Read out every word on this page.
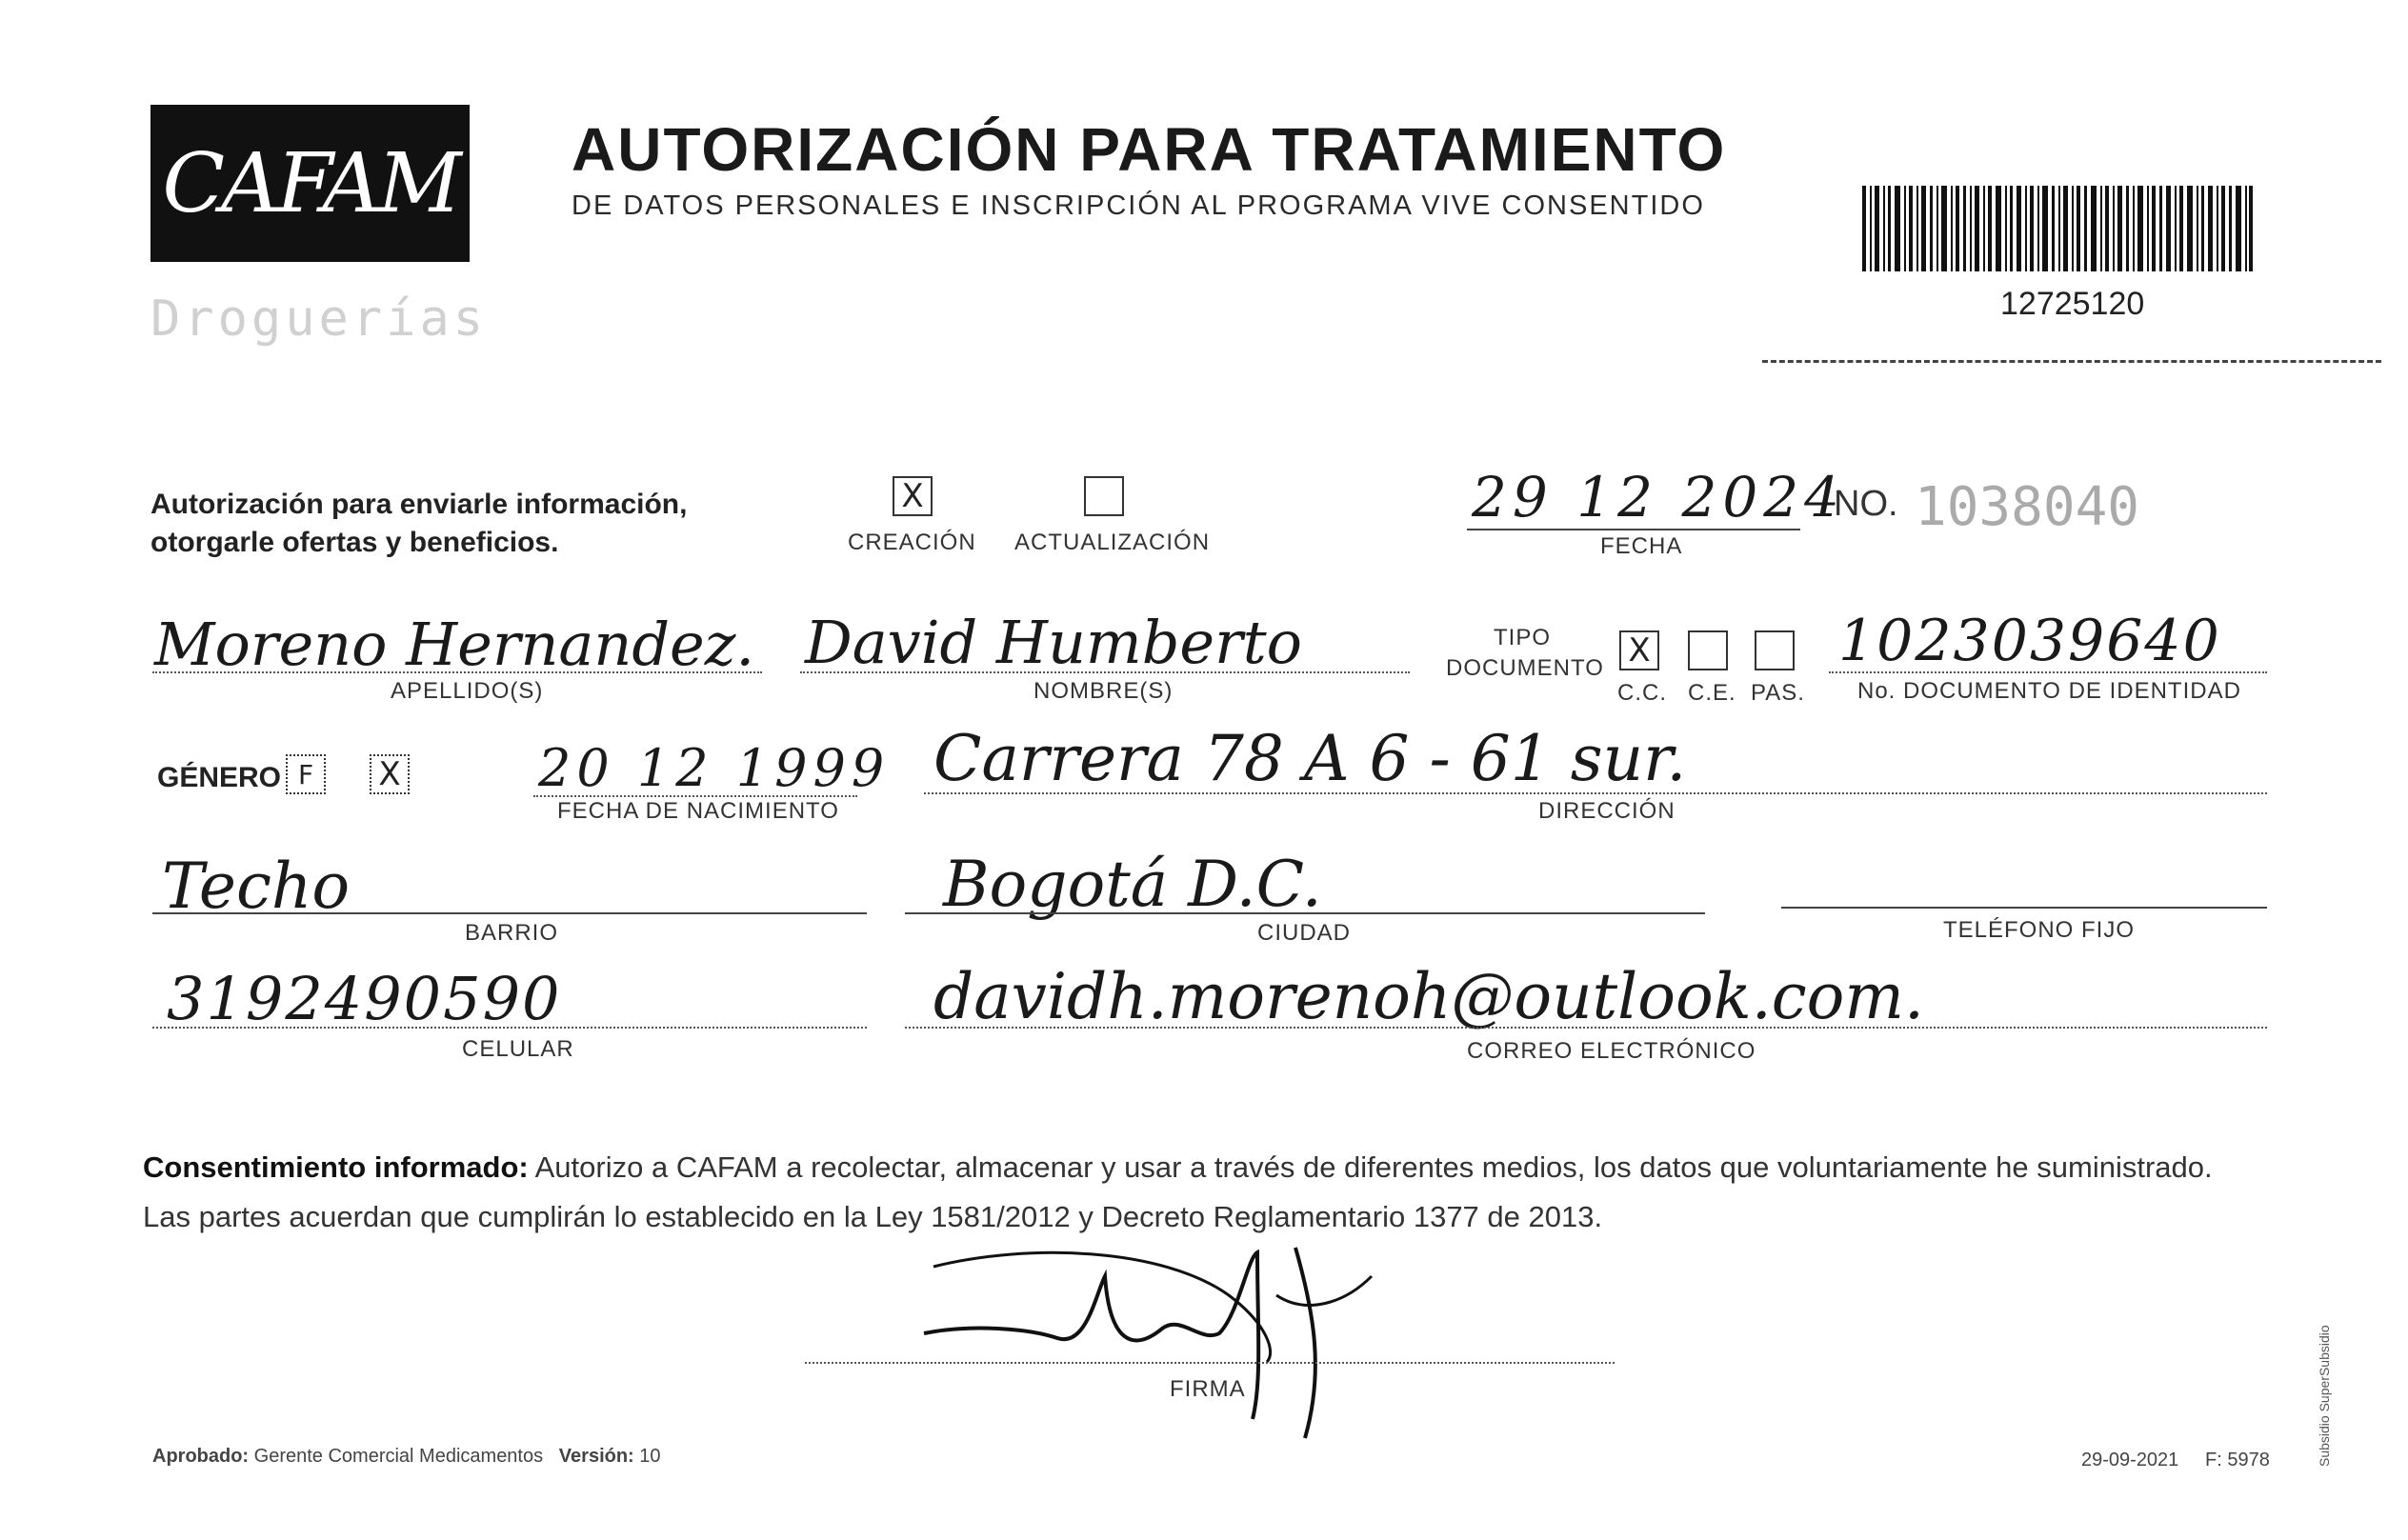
CAFAM
Droguerías
AUTORIZACIÓN PARA TRATAMIENTO
DE DATOS PERSONALES E INSCRIPCIÓN AL PROGRAMA VIVE CONSENTIDO
12725120
Autorización para enviarle información,
otorgarle ofertas y beneficios.
X
CREACIÓN ACTUALIZACIÓN
29 12 2024
FECHA
NO. 1038040
Moreno Hernandez.
APELLIDO(S)
David Humberto
NOMBRE(S)
TIPO
DOCUMENTO X
C.C. C.E. PAS.
1023039640
No. DOCUMENTO DE IDENTIDAD
GÉNERO F	X	20 12 1999
FECHA DE NACIMIENTO
Carrera 78 A 6 - 61 sur.
DIRECCIÓN
Techo
BARRIO
Bogotá D.C.
CIUDAD	TELÉFONO FIJO
3192490590
CELULAR
davidh.morenoh@outlook.com.
CORREO ELECTRÓNICO
Consentimiento informado: Autorizo a CAFAM a recolectar, almacenar y usar a través de diferentes medios, los datos que voluntariamente he suministrado.
Las partes acuerdan que cumplirán lo establecido en la Ley 1581/2012 y Decreto Reglamentario 1377 de 2013.
FIRMA
Aprobado: Gerente Comercial Medicamentos Versión: 10	29-09-2021 F: 5978	Subsidio SuperSubsidio
